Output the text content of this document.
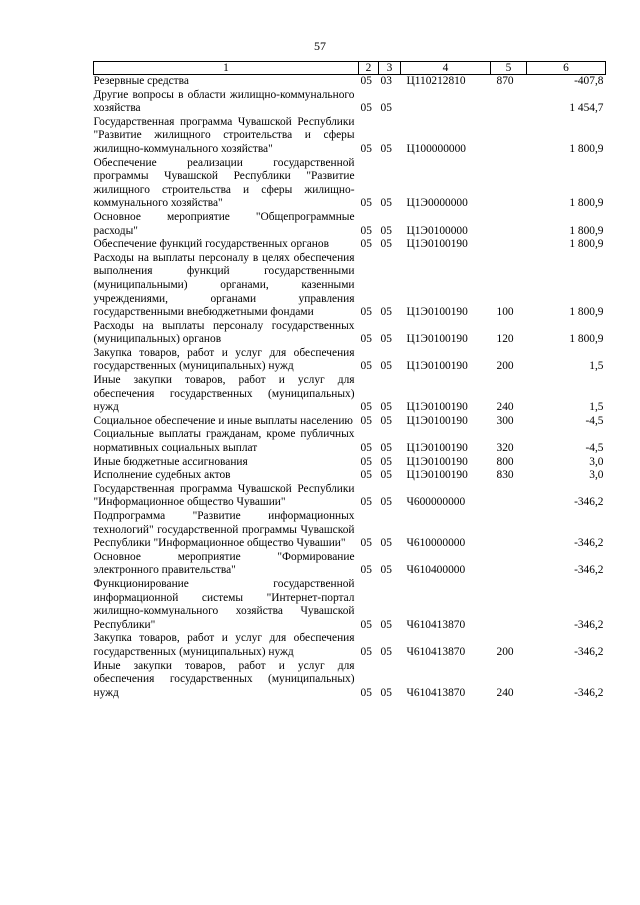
57
1	2	3	4	5	6
Резервные средства	05	03	Ц110212810	870	-407,8
Другие вопросы в области жилищно-коммунального хозяйства	05	05			1 454,7
Государственная программа Чувашской Республики "Развитие жилищного строительства и сферы жилищно-коммунального хозяйства"	05	05	Ц100000000		1 800,9
Обеспечение реализации государственной программы Чувашской Республики "Развитие жилищного строительства и сферы жилищно-коммунального хозяйства"	05	05	Ц1Э0000000		1 800,9
Основное мероприятие "Общепрограммные расходы"	05	05	Ц1Э0100000		1 800,9
Обеспечение функций государственных органов	05	05	Ц1Э0100190		1 800,9
Расходы на выплаты персоналу в целях обеспечения выполнения функций государственными (муниципальными) органами, казенными учреждениями, органами управления государственными внебюджетными фондами	05	05	Ц1Э0100190	100	1 800,9
Расходы на выплаты персоналу государственных (муниципальных) органов	05	05	Ц1Э0100190	120	1 800,9
Закупка товаров, работ и услуг для обеспечения государственных (муниципальных) нужд	05	05	Ц1Э0100190	200	1,5
Иные закупки товаров, работ и услуг для обеспечения государственных (муниципальных) нужд	05	05	Ц1Э0100190	240	1,5
Социальное обеспечение и иные выплаты населению	05	05	Ц1Э0100190	300	-4,5
Социальные выплаты гражданам, кроме публичных нормативных социальных выплат	05	05	Ц1Э0100190	320	-4,5
Иные бюджетные ассигнования	05	05	Ц1Э0100190	800	3,0
Исполнение судебных актов	05	05	Ц1Э0100190	830	3,0
Государственная программа Чувашской Республики "Информационное общество Чувашии"	05	05	Ч600000000		-346,2
Подпрограмма "Развитие информационных технологий" государственной программы Чувашской Республики "Информационное общество Чувашии"	05	05	Ч610000000		-346,2
Основное мероприятие "Формирование электронного правительства"	05	05	Ч610400000		-346,2
Функционирование государственной информационной системы "Интернет-портал жилищно-коммунального хозяйства Чувашской Республики"	05	05	Ч610413870		-346,2
Закупка товаров, работ и услуг для обеспечения государственных (муниципальных) нужд	05	05	Ч610413870	200	-346,2
Иные закупки товаров, работ и услуг для обеспечения государственных (муниципальных) нужд	05	05	Ч610413870	240	-346,2
